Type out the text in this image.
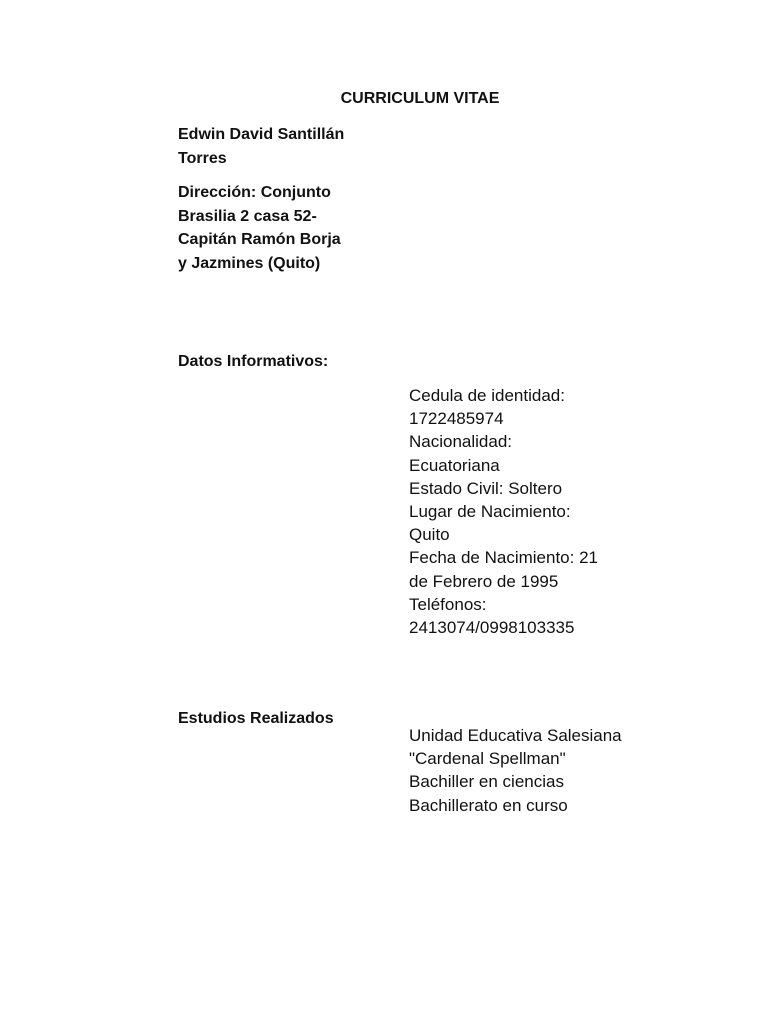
CURRICULUM VITAE
Edwin David Santillán
Torres
Dirección: Conjunto
Brasilia 2 casa 52-
Capitán Ramón Borja
y Jazmines (Quito)
Datos Informativos:
Cedula de identidad:
1722485974
Nacionalidad:
Ecuatoriana
Estado Civil: Soltero
Lugar de Nacimiento:
Quito
Fecha de Nacimiento: 21
de Febrero de 1995
Teléfonos:
2413074/0998103335
Estudios Realizados
Unidad Educativa Salesiana
"Cardenal Spellman"
Bachiller en ciencias
Bachillerato en curso
